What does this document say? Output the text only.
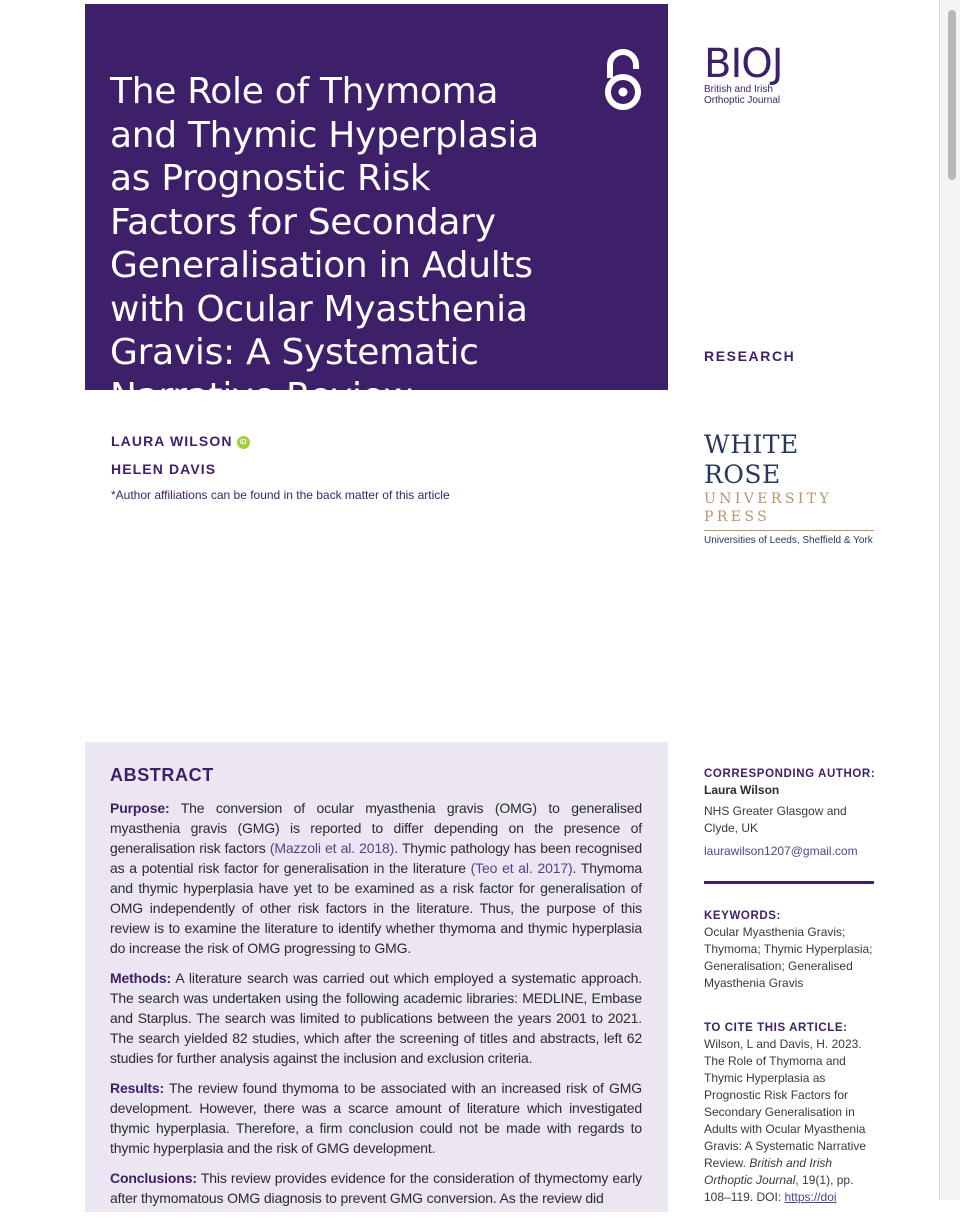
The Role of Thymoma and Thymic Hyperplasia as Prognostic Risk Factors for Secondary Generalisation in Adults with Ocular Myasthenia Gravis: A Systematic Narrative Review
BIOJ
British and Irish
Orthoptic Journal
RESEARCH
LAURA WILSON iD
HELEN DAVIS
*Author affiliations can be found in the back matter of this article
WHITE ROSE
UNIVERSITY PRESS
Universities of Leeds, Sheffield & York
ABSTRACT

Purpose: The conversion of ocular myasthenia gravis (OMG) to generalised myasthenia gravis (GMG) is reported to differ depending on the presence of generalisation risk factors (Mazzoli et al. 2018). Thymic pathology has been recognised as a potential risk factor for generalisation in the literature (Teo et al. 2017). Thymoma and thymic hyperplasia have yet to be examined as a risk factor for generalisation of OMG independently of other risk factors in the literature. Thus, the purpose of this review is to examine the literature to identify whether thymoma and thymic hyperplasia do increase the risk of OMG progressing to GMG.

Methods: A literature search was carried out which employed a systematic approach. The search was undertaken using the following academic libraries: MEDLINE, Embase and Starplus. The search was limited to publications between the years 2001 to 2021. The search yielded 82 studies, which after the screening of titles and abstracts, left 62 studies for further analysis against the inclusion and exclusion criteria.

Results: The review found thymoma to be associated with an increased risk of GMG development. However, there was a scarce amount of literature which investigated thymic hyperplasia. Therefore, a firm conclusion could not be made with regards to thymic hyperplasia and the risk of GMG development.

Conclusions: This review provides evidence for the consideration of thymectomy early after thymomatous OMG diagnosis to prevent GMG conversion. As the review did

CORRESPONDING AUTHOR:
Laura Wilson
NHS Greater Glasgow and Clyde, UK
laurawilson1207@gmail.com
KEYWORDS:
Ocular Myasthenia Gravis; Thymoma; Thymic Hyperplasia; Generalisation; Generalised Myasthenia Gravis
TO CITE THIS ARTICLE:
Wilson, L and Davis, H. 2023. The Role of Thymoma and Thymic Hyperplasia as Prognostic Risk Factors for Secondary Generalisation in Adults with Ocular Myasthenia Gravis: A Systematic Narrative Review. British and Irish Orthoptic Journal, 19(1), pp. 108–119. DOI: https://doi
